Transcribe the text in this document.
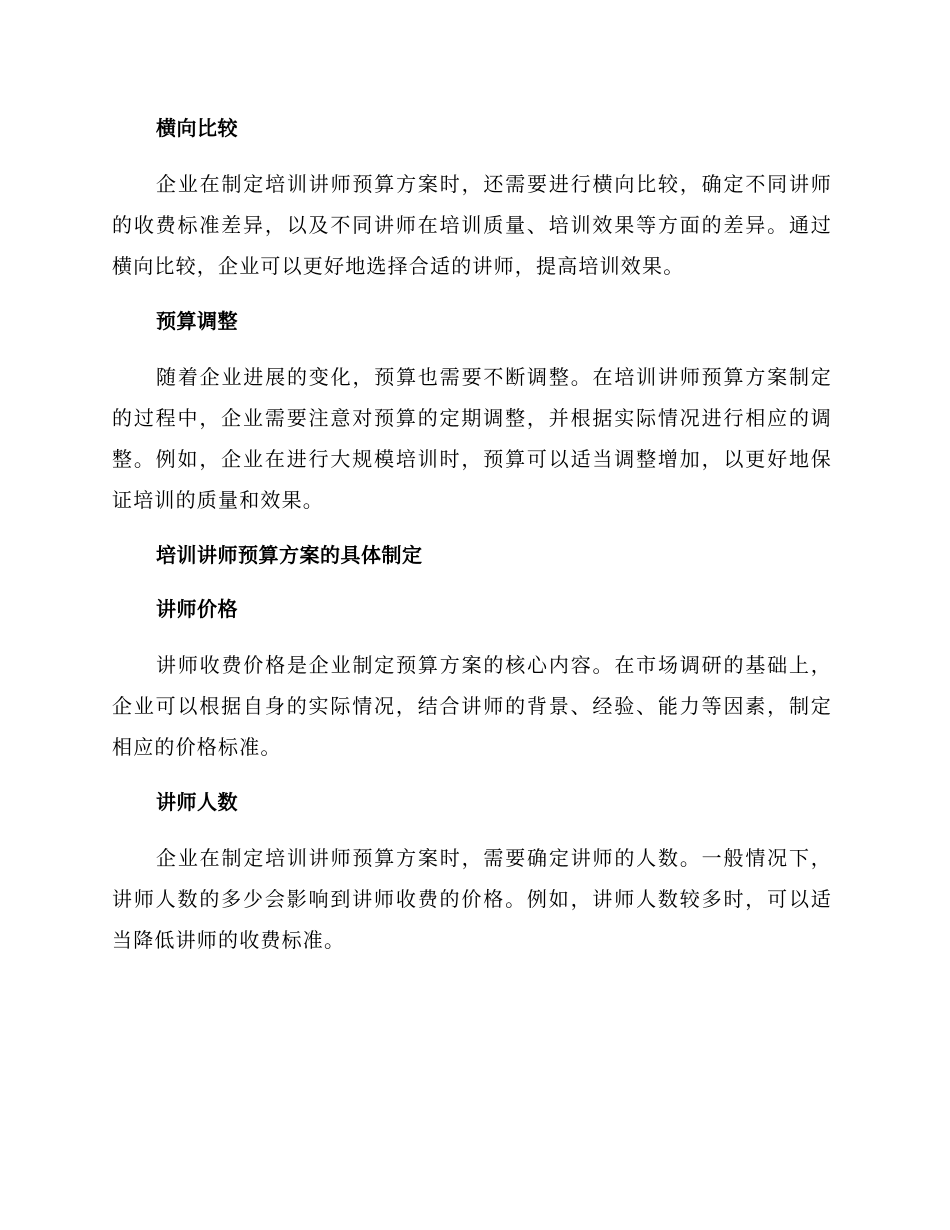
横向比较

企业在制定培训讲师预算方案时，还需要进行横向比较，确定不同讲师的收费标准差异，以及不同讲师在培训质量、培训效果等方面的差异。通过横向比较，企业可以更好地选择合适的讲师，提高培训效果。

预算调整

随着企业进展的变化，预算也需要不断调整。在培训讲师预算方案制定的过程中，企业需要注意对预算的定期调整，并根据实际情况进行相应的调整。例如，企业在进行大规模培训时，预算可以适当调整增加，以更好地保证培训的质量和效果。

培训讲师预算方案的具体制定
讲师价格

讲师收费价格是企业制定预算方案的核心内容。在市场调研的基础上，企业可以根据自身的实际情况，结合讲师的背景、经验、能力等因素，制定相应的价格标准。

讲师人数

企业在制定培训讲师预算方案时，需要确定讲师的人数。一般情况下，讲师人数的多少会影响到讲师收费的价格。例如，讲师人数较多时，可以适当降低讲师的收费标准。
